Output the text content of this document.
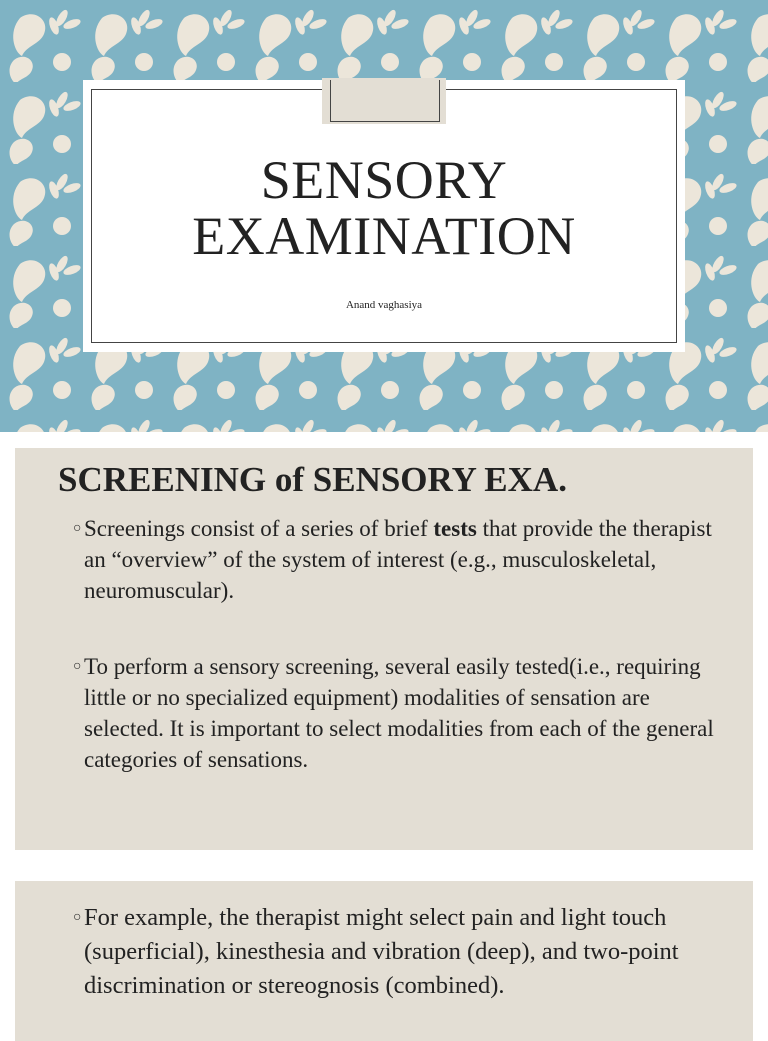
SENSORY
EXAMINATION
Anand vaghasiya
SCREENING of SENSORY EXA.
○ Screenings consist of a series of brief tests that provide the therapist an “overview” of the system of interest (e.g., musculoskeletal, neuromuscular).
○ To perform a sensory screening, several easily tested(i.e., requiring little or no specialized equipment) modalities of sensation are selected. It is important to select modalities from each of the general categories of sensations.
○ For example, the therapist might select pain and light touch (superficial), kinesthesia and vibration (deep), and two-point discrimination or stereognosis (combined).
